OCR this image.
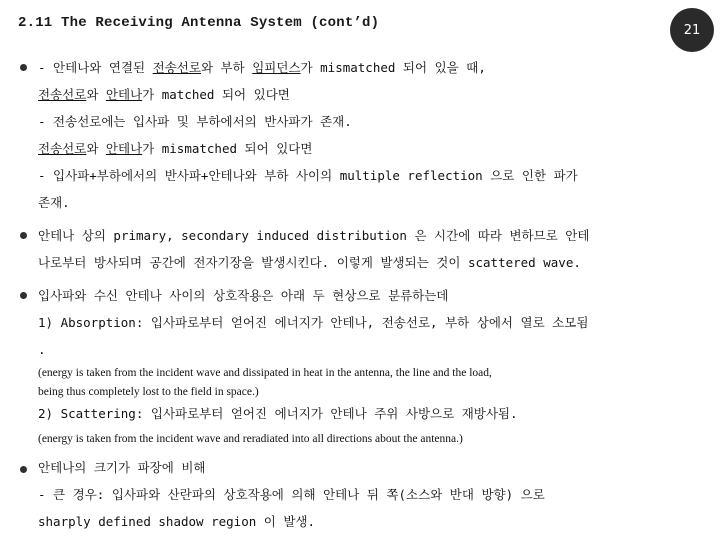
2.11 The Receiving Antenna System (cont’d)	21
- 안테나와 연결된 전송선로와 부하 임피던스가 mismatched 되어 있을 때,
전송선로와 안테나가 matched 되어 있다면
- 전송선로에는 입사파 및 부하에서의 반사파가 존재.
전송선로와 안테나가 mismatched 되어 있다면
- 입사파+부하에서의 반사파+안테나와 부하 사이의 multiple reflection 으로 인한 파가
존재.
안테나 상의 primary, secondary induced distribution 은 시간에 따라 변하므로 안테
나로부터 방사되며 공간에 전자기장을 발생시킨다. 이렇게 발생되는 것이 scattered wave.
입사파와 수신 안테나 사이의 상호작용은 아래 두 현상으로 분류하는데
1) Absorption: 입사파로부터 얻어진 에너지가 안테나, 전송선로, 부하 상에서 열로 소모됨
.
(energy is taken from the incident wave and dissipated in heat in the antenna, the line and the load,
being thus completely lost to the field in space.)
2) Scattering: 입사파로부터 얻어진 에너지가 안테나 주위 사방으로 재방사됨.
(energy is taken from the incident wave and reradiated into all directions about the antenna.)
안테나의 크기가 파장에 비해
- 큰 경우: 입사파와 산란파의 상호작용에 의해 안테나 뒤 쪽(소스와 반대 방향) 으로
sharply defined shadow region 이 발생.
